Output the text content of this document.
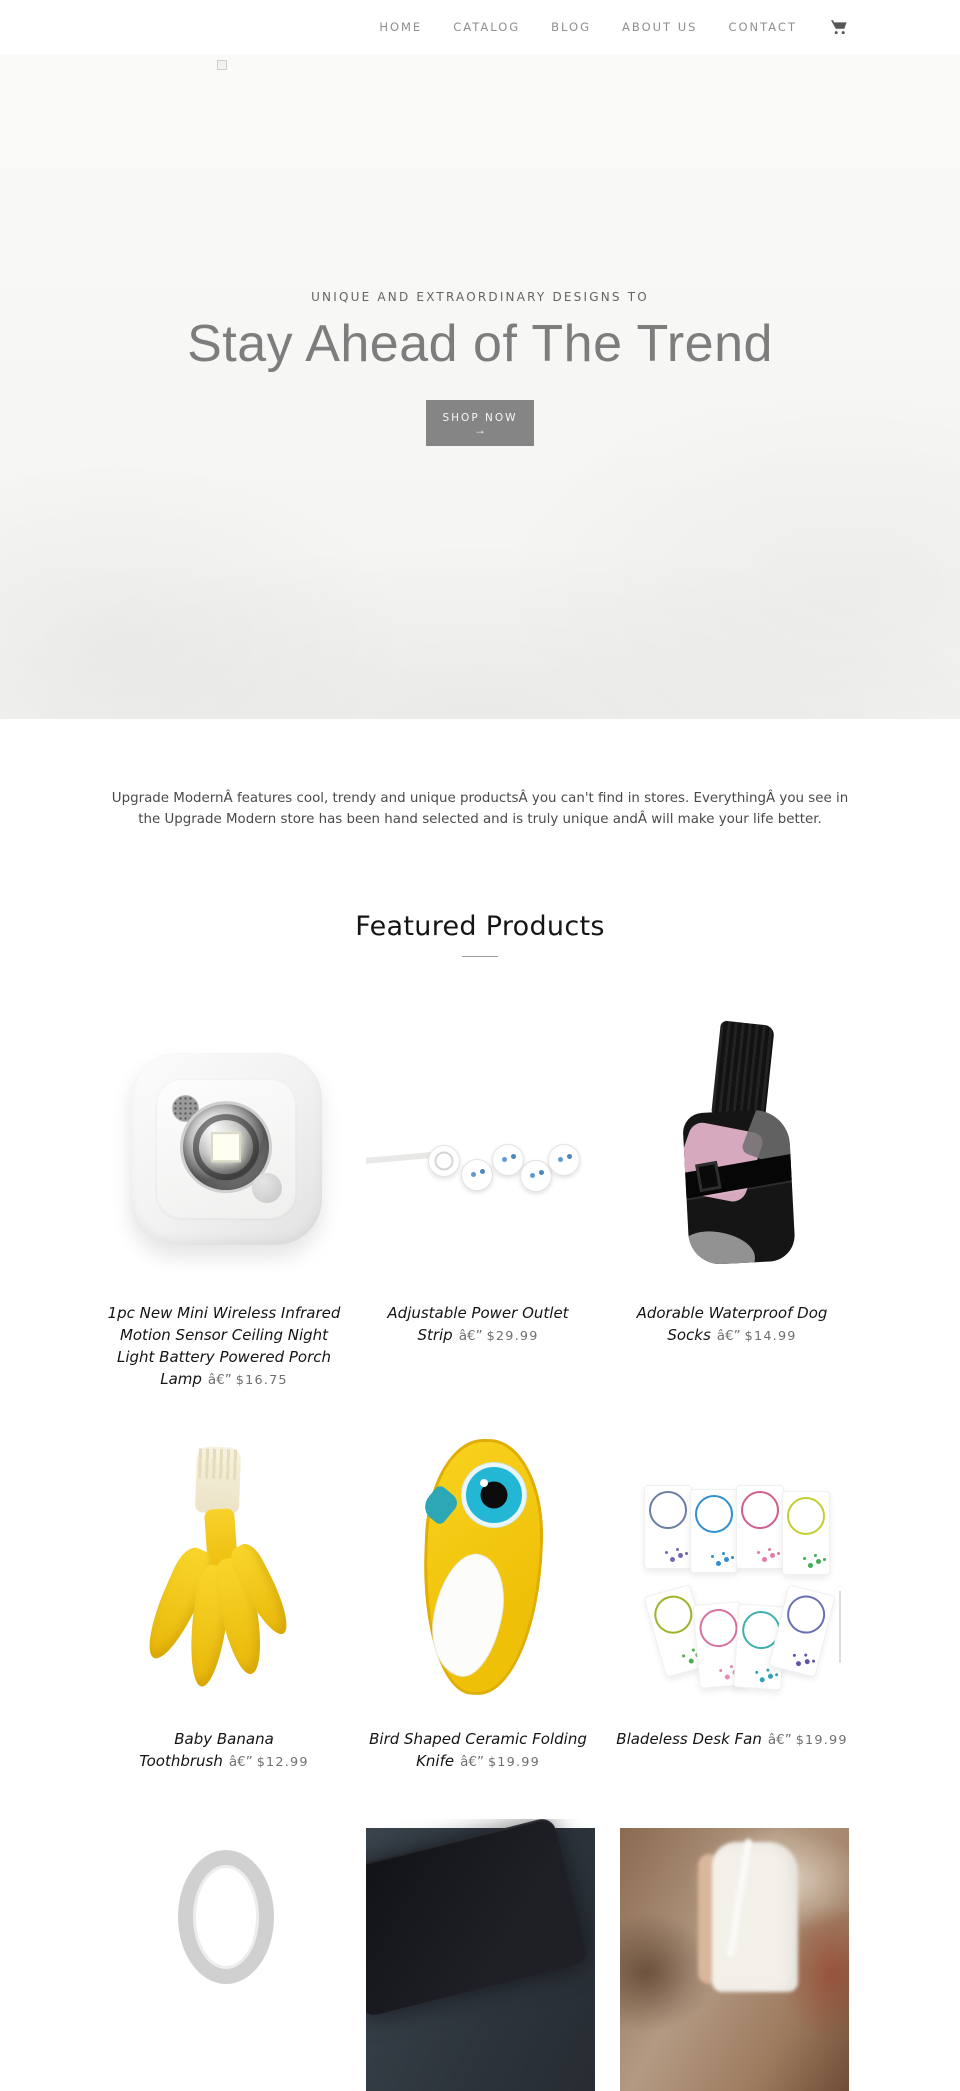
HOME	CATALOG	BLOG	ABOUT US	CONTACT
UNIQUE AND EXTRAORDINARY DESIGNS TO
Stay Ahead of The Trend
SHOP NOW
→

Upgrade ModernÂ features cool, trendy and unique productsÂ you can't find in stores. EverythingÂ you see in the Upgrade Modern store has been hand selected and is truly unique andÂ will make your life better.

Featured Products
1pc New Mini Wireless Infrared Motion Sensor Ceiling Night Light Battery Powered Porch Lamp â€” $16.75
Adjustable Power Outlet Strip â€” $29.99
Adorable Waterproof Dog Socks â€” $14.99
Baby Banana Toothbrush â€” $12.99
Bird Shaped Ceramic Folding Knife â€” $19.99
Bladeless Desk Fan â€” $19.99
